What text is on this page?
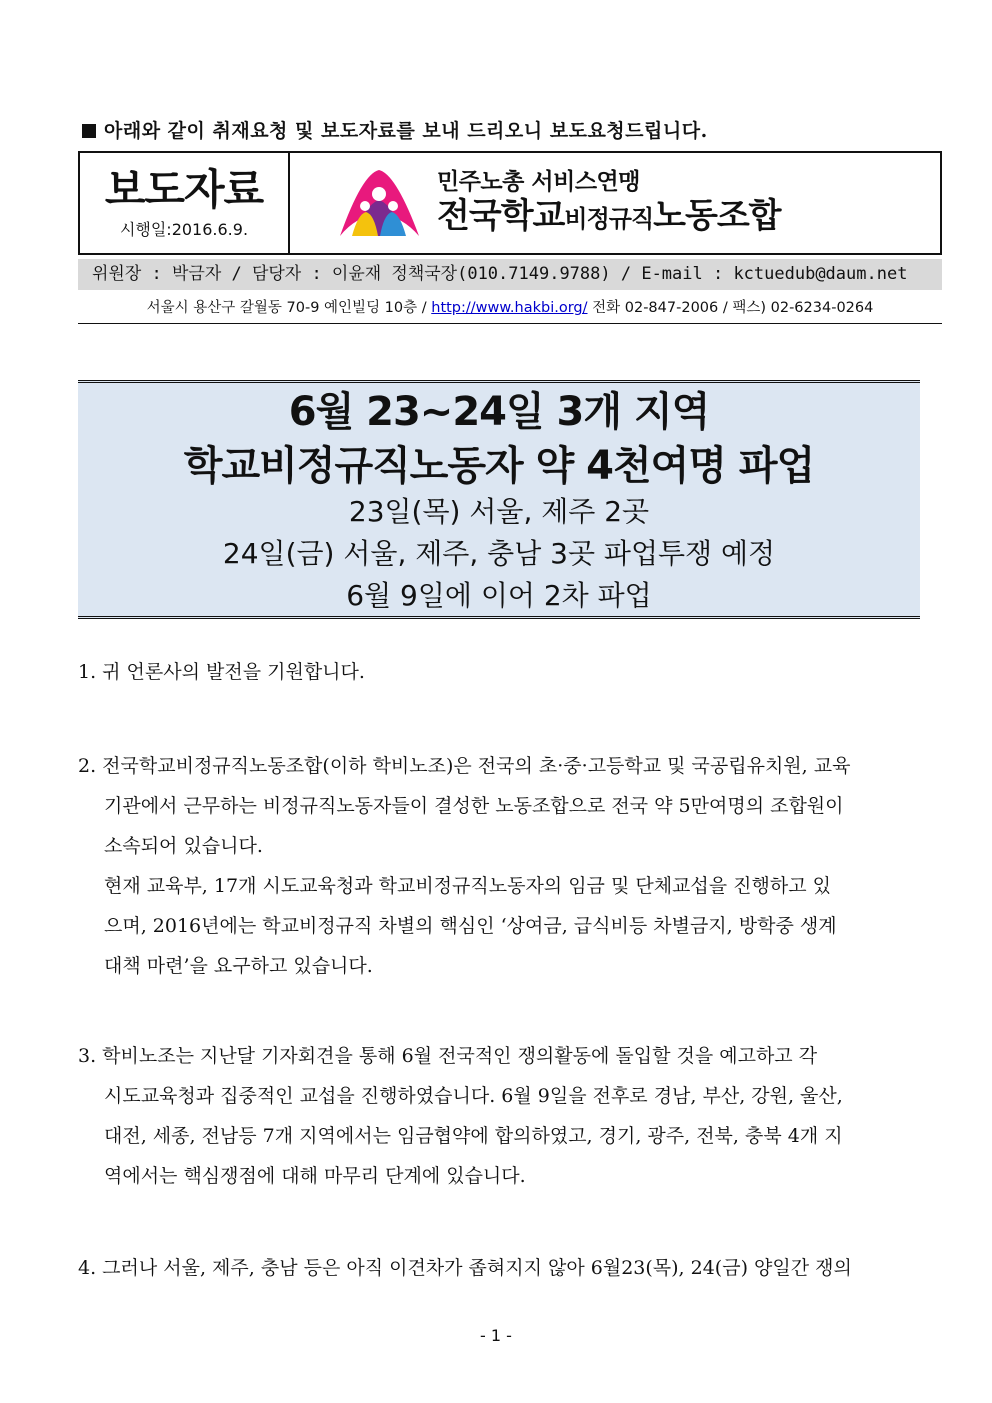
아래와 같이 취재요청 및 보도자료를 보내 드리오니 보도요청드립니다.
보도자료
시행일:2016.6.9.
민주노총 서비스연맹
전국학교비정규직노동조합
위원장 : 박금자 / 담당자 : 이윤재 정책국장(010.7149.9788) / E-mail : kctuedub@daum.net
서울시 용산구 갈월동 70-9 예인빌딩 10층 / http://www.hakbi.org/ 전화 02-847-2006 / 팩스) 02-6234-0264
6월 23~24일 3개 지역
학교비정규직노동자 약 4천여명 파업
23일(목) 서울, 제주 2곳
24일(금) 서울, 제주, 충남 3곳 파업투쟁 예정
6월 9일에 이어 2차 파업
1. 귀 언론사의 발전을 기원합니다.
2. 전국학교비정규직노동조합(이하 학비노조)은 전국의 초·중·고등학교 및 국공립유치원, 교육
기관에서 근무하는 비정규직노동자들이 결성한 노동조합으로 전국 약 5만여명의 조합원이
소속되어 있습니다.
현재 교육부, 17개 시도교육청과 학교비정규직노동자의 임금 및 단체교섭을 진행하고 있
으며, 2016년에는 학교비정규직 차별의 핵심인 ‘상여금, 급식비등 차별금지, 방학중 생계
대책 마련’을 요구하고 있습니다.
3. 학비노조는 지난달 기자회견을 통해 6월 전국적인 쟁의활동에 돌입할 것을 예고하고 각
시도교육청과 집중적인 교섭을 진행하였습니다. 6월 9일을 전후로 경남, 부산, 강원, 울산,
대전, 세종, 전남등 7개 지역에서는 임금협약에 합의하였고, 경기, 광주, 전북, 충북 4개 지
역에서는 핵심쟁점에 대해 마무리 단계에 있습니다.
4. 그러나 서울, 제주, 충남 등은 아직 이견차가 좁혀지지 않아 6월23(목), 24(금) 양일간 쟁의
- 1 -
